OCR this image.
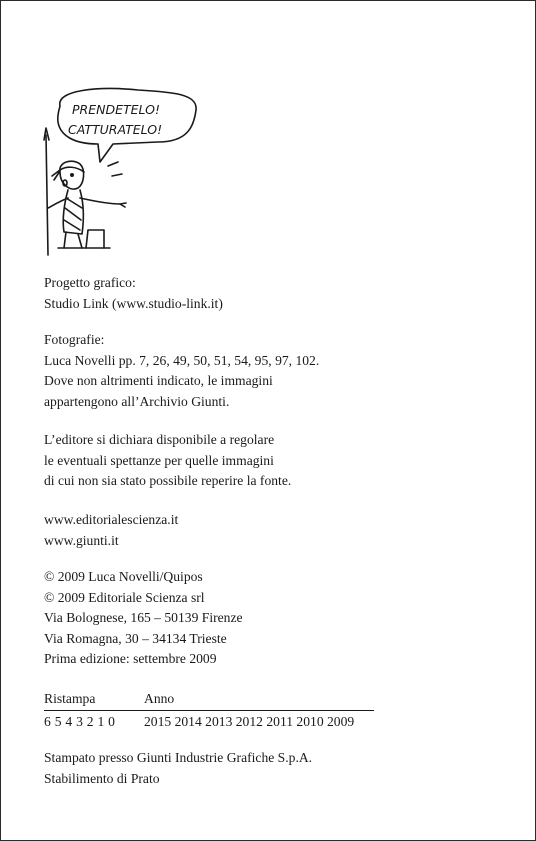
PRENDETELO!
CATTURATELO!
Progetto grafico:
Studio Link (www.studio-link.it)
Fotografie:
Luca Novelli pp. 7, 26, 49, 50, 51, 54, 95, 97, 102.
Dove non altrimenti indicato, le immagini
appartengono all’Archivio Giunti.
L’editore si dichiara disponibile a regolare
le eventuali spettanze per quelle immagini
di cui non sia stato possibile reperire la fonte.
www.editorialescienza.it
www.giunti.it
© 2009 Luca Novelli/Quipos
© 2009 Editoriale Scienza srl
Via Bolognese, 165 – 50139 Firenze
Via Romagna, 30 – 34134 Trieste
Prima edizione: settembre 2009
Ristampa	Anno
6 5 4 3 2 1 0 2015 2014 2013 2012 2011 2010 2009
Stampato presso Giunti Industrie Grafiche S.p.A.
Stabilimento di Prato
